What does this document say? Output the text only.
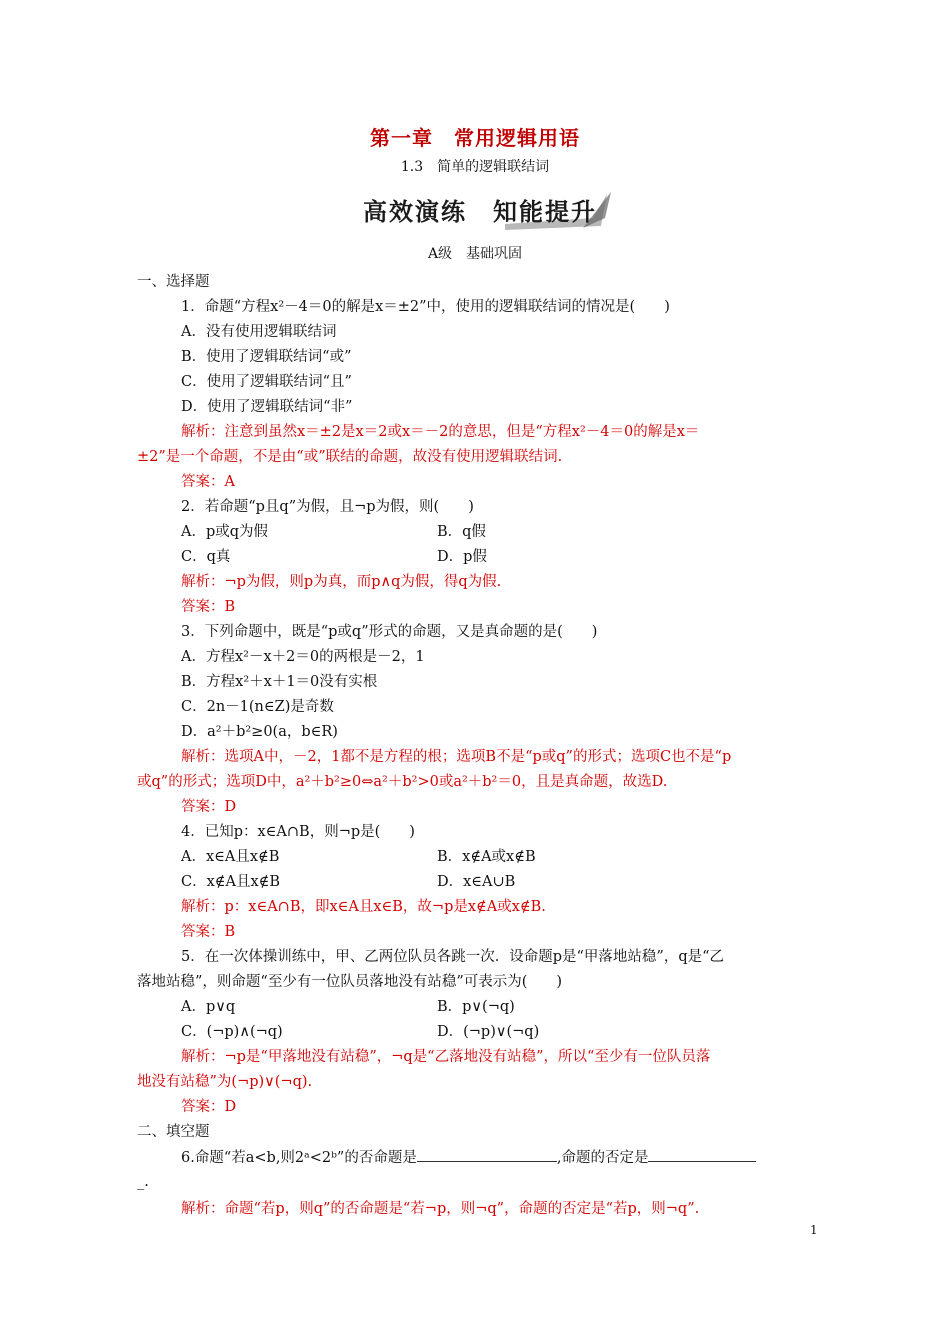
第一章　常用逻辑用语
1.3　简单的逻辑联结词
高效演练　知能提升
A级　基础巩固
一、选择题
1．命题“方程x²－4＝0的解是x＝±2”中，使用的逻辑联结词的情况是(　　)
A．没有使用逻辑联结词
B．使用了逻辑联结词“或”
C．使用了逻辑联结词“且”
D．使用了逻辑联结词“非”
解析：注意到虽然x＝±2是x＝2或x＝－2的意思，但是“方程x²－4＝0的解是x＝
±2”是一个命题，不是由“或”联结的命题，故没有使用逻辑联结词.
答案：A
2．若命题“p且q”为假，且¬p为假，则(　　)
A．p或q为假	B．q假
C．q真	D．p假
解析：¬p为假，则p为真，而p∧q为假，得q为假.
答案：B
3．下列命题中，既是“p或q”形式的命题，又是真命题的是(　　)
A．方程x²－x＋2＝0的两根是－2，1
B．方程x²＋x＋1＝0没有实根
C．2n－1(n∈Z)是奇数
D．a²＋b²≥0(a，b∈R)
解析：选项A中，－2，1都不是方程的根；选项B不是“p或q”的形式；选项C也不是“p
或q”的形式；选项D中，a²＋b²≥0⇔a²＋b²>0或a²＋b²＝0，且是真命题，故选D.
答案：D
4．已知p：x∈A∩B，则¬p是(　　)
A．x∈A且x∉B	B．x∉A或x∉B
C．x∉A且x∉B	D．x∈A∪B
解析：p：x∈A∩B，即x∈A且x∈B，故¬p是x∉A或x∉B.
答案：B
5．在一次体操训练中，甲、乙两位队员各跳一次．设命题p是“甲落地站稳”，q是“乙
落地站稳”，则命题“至少有一位队员落地没有站稳”可表示为(　　)
A．p∨q	B．p∨(¬q)
C．(¬p)∧(¬q)	D．(¬p)∨(¬q)
解析：¬p是“甲落地没有站稳”，¬q是“乙落地没有站稳”，所以“至少有一位队员落
地没有站稳”为(¬p)∨(¬q).
答案：D
二、填空题
6.命题“若a<b,则2ᵃ<2ᵇ”的否命题是	,命题的否定是
_.
解析：命题“若p，则q”的否命题是“若¬p，则¬q”，命题的否定是“若p，则¬q”.
1
